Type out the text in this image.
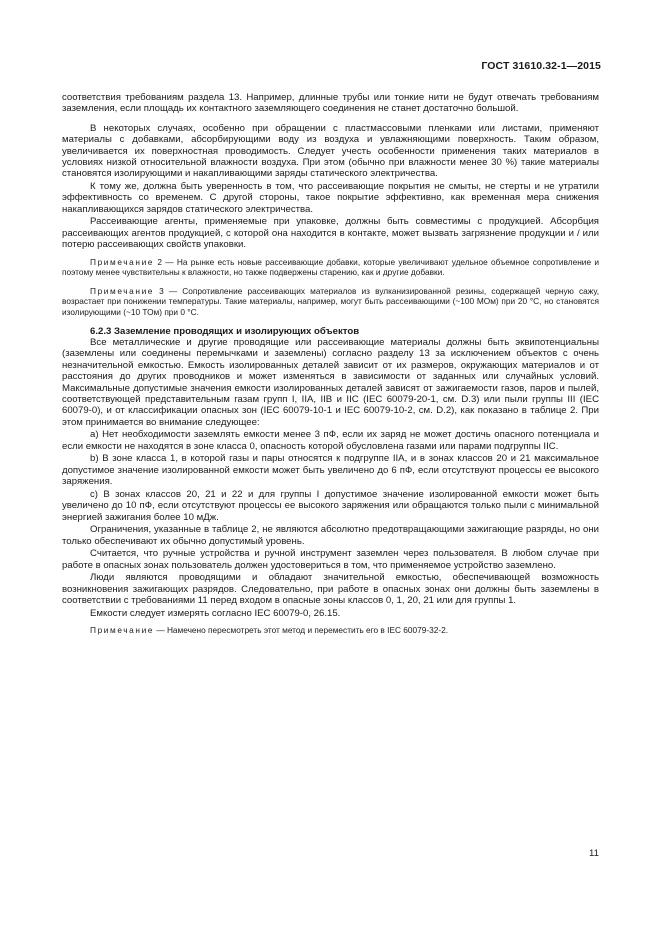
ГОСТ 31610.32-1—2015

соответствия требованиям раздела 13. Например, длинные трубы или тонкие нити не будут отвечать требованиям заземления, если площадь их контактного заземляющего соединения не станет достаточно большой.

В некоторых случаях, особенно при обращении с пластмассовыми пленками или листами, применяют материалы с добавками, абсорбирующими воду из воздуха и увлажняющими поверхность. Таким образом, увеличивается их поверхностная проводимость. Следует учесть особенности применения таких материалов в условиях низкой относительной влажности воздуха. При этом (обычно при влажности менее 30 %) такие материалы становятся изолирующими и накапливающими заряды статического электричества.

К тому же, должна быть уверенность в том, что рассеивающие покрытия не смыты, не стерты и не утратили эффективность со временем. С другой стороны, такое покрытие эффективно, как временная мера снижения накапливающихся зарядов статического электричества.

Рассеивающие агенты, применяемые при упаковке, должны быть совместимы с продукцией. Абсорбция рассеивающих агентов продукцией, с которой она находится в контакте, может вызвать загрязнение продукции и / или потерю рассеивающих свойств упаковки.

Примечание 2 — На рынке есть новые рассеивающие добавки, которые увеличивают удельное объемное сопротивление и поэтому менее чувствительны к влажности, но также подвержены старению, как и другие добавки.

Примечание 3 — Сопротивление рассеивающих материалов из вулканизированной резины, содержащей черную сажу, возрастает при понижении температуры. Такие материалы, например, могут быть рассеивающими (~100 МОм) при 20 °С, но становятся изолирующими (~10 ТОм) при 0 °С.

6.2.3 Заземление проводящих и изолирующих объектов

Все металлические и другие проводящие или рассеивающие материалы должны быть эквипотенциальны (заземлены или соединены перемычками и заземлены) согласно разделу 13 за исключением объектов с очень незначительной емкостью. Емкость изолированных деталей зависит от их размеров, окружающих материалов и от расстояния до других проводников и может изменяться в зависимости от заданных или случайных условий. Максимальные допустимые значения емкости изолированных деталей зависят от зажигаемости газов, паров и пылей, соответствующей представительным газам групп I, IIA, IIB и IIC (IEC 60079-20-1, см. D.3) или пыли группы III (IEC 60079-0), и от классификации опасных зон (IEC 60079-10-1 и IEC 60079-10-2, см. D.2), как показано в таблице 2. При этом принимается во внимание следующее:

а) Нет необходимости заземлять емкости менее 3 пФ, если их заряд не может достичь опасного потенциала и если емкости не находятся в зоне класса 0, опасность которой обусловлена газами или парами подгруппы IIC.

b) В зоне класса 1, в которой газы и пары относятся к подгруппе IIA, и в зонах классов 20 и 21 максимальное допустимое значение изолированной емкости может быть увеличено до 6 пФ, если отсутствуют процессы ее высокого заряжения.

с) В зонах классов 20, 21 и 22 и для группы I допустимое значение изолированной емкости может быть увеличено до 10 пФ, если отсутствуют процессы ее высокого заряжения или обращаются только пыли с минимальной энергией зажигания более 10 мДж.

Ограничения, указанные в таблице 2, не являются абсолютно предотвращающими зажигающие разряды, но они только обеспечивают их обычно допустимый уровень.

Считается, что ручные устройства и ручной инструмент заземлен через пользователя. В любом случае при работе в опасных зонах пользователь должен удостовериться в том, что применяемое устройство заземлено.

Люди являются проводящими и обладают значительной емкостью, обеспечивающей возможность возникновения зажигающих разрядов. Следовательно, при работе в опасных зонах они должны быть заземлены в соответствии с требованиями 11 перед входом в опасные зоны классов 0, 1, 20, 21 или для группы 1.

Емкости следует измерять согласно IEC 60079-0, 26.15.

Примечание — Намечено пересмотреть этот метод и переместить его в IEC 60079-32-2.

11
